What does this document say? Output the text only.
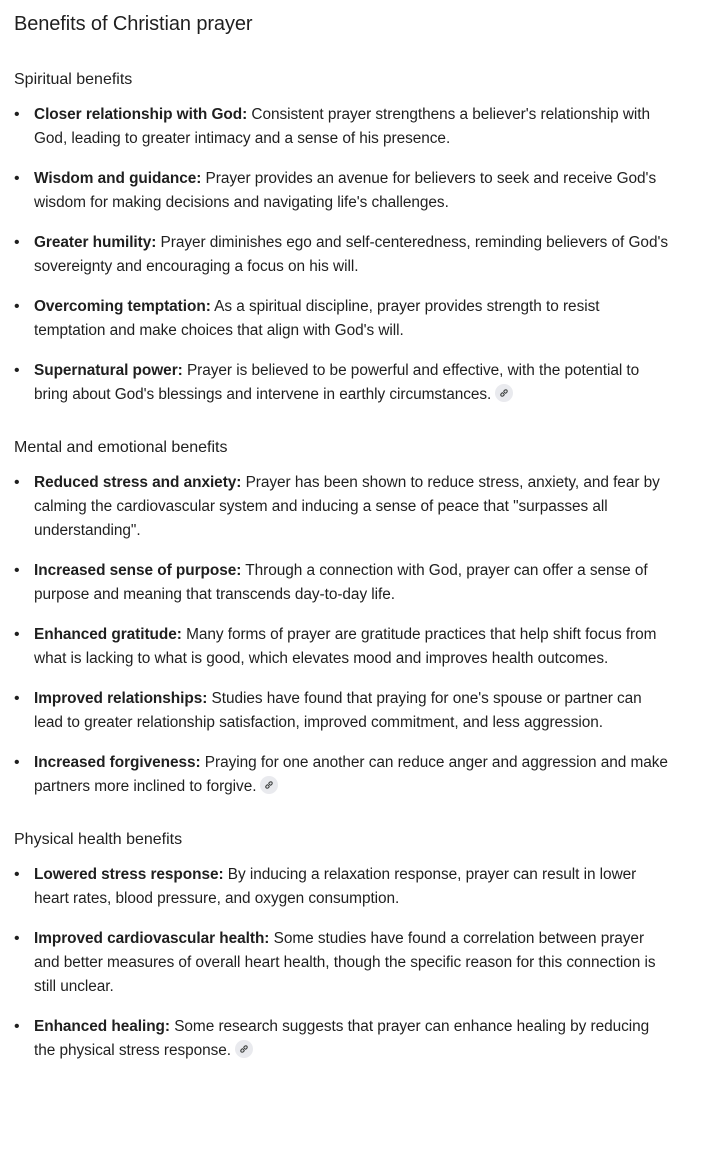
Benefits of Christian prayer
Spiritual benefits
• Closer relationship with God: Consistent prayer strengthens a believer's relationship with God, leading to greater intimacy and a sense of his presence.
• Wisdom and guidance: Prayer provides an avenue for believers to seek and receive God's wisdom for making decisions and navigating life's challenges.
• Greater humility: Prayer diminishes ego and self-centeredness, reminding believers of God's sovereignty and encouraging a focus on his will.
• Overcoming temptation: As a spiritual discipline, prayer provides strength to resist temptation and make choices that align with God's will.
• Supernatural power: Prayer is believed to be powerful and effective, with the potential to bring about God's blessings and intervene in earthly circumstances.
Mental and emotional benefits
• Reduced stress and anxiety: Prayer has been shown to reduce stress, anxiety, and fear by calming the cardiovascular system and inducing a sense of peace that "surpasses all understanding".
• Increased sense of purpose: Through a connection with God, prayer can offer a sense of purpose and meaning that transcends day-to-day life.
• Enhanced gratitude: Many forms of prayer are gratitude practices that help shift focus from what is lacking to what is good, which elevates mood and improves health outcomes.
• Improved relationships: Studies have found that praying for one's spouse or partner can lead to greater relationship satisfaction, improved commitment, and less aggression.
• Increased forgiveness: Praying for one another can reduce anger and aggression and make partners more inclined to forgive.
Physical health benefits
• Lowered stress response: By inducing a relaxation response, prayer can result in lower heart rates, blood pressure, and oxygen consumption.
• Improved cardiovascular health: Some studies have found a correlation between prayer and better measures of overall heart health, though the specific reason for this connection is still unclear.
• Enhanced healing: Some research suggests that prayer can enhance healing by reducing the physical stress response.
